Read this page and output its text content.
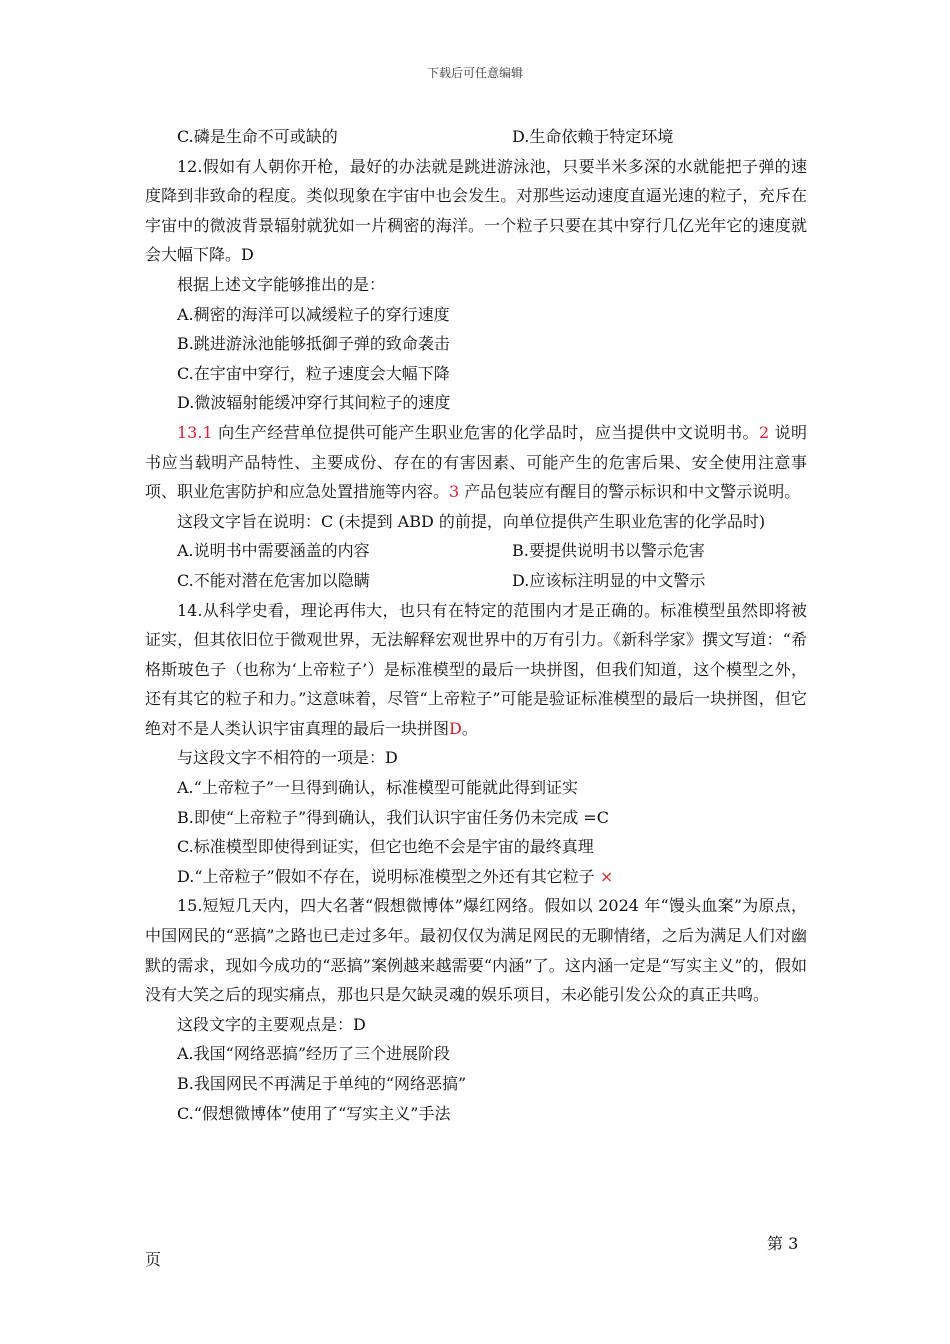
下载后可任意编辑
C.磷是生命不可或缺的	D.生命依赖于特定环境

12.假如有人朝你开枪，最好的办法就是跳进游泳池，只要半米多深的水就能把子弹的速度降到非致命的程度。类似现象在宇宙中也会发生。对那些运动速度直逼光速的粒子，充斥在宇宙中的微波背景辐射就犹如一片稠密的海洋。一个粒子只要在其中穿行几亿光年它的速度就会大幅下降。D

根据上述文字能够推出的是：

A.稠密的海洋可以减缓粒子的穿行速度

B.跳进游泳池能够抵御子弹的致命袭击

C.在宇宙中穿行，粒子速度会大幅下降

D.微波辐射能缓冲穿行其间粒子的速度

13.1 向生产经营单位提供可能产生职业危害的化学品时，应当提供中文说明书。2 说明书应当载明产品特性、主要成份、存在的有害因素、可能产生的危害后果、安全使用注意事项、职业危害防护和应急处置措施等内容。3 产品包装应有醒目的警示标识和中文警示说明。

这段文字旨在说明：C (未提到 ABD 的前提，向单位提供产生职业危害的化学品时)

A.说明书中需要涵盖的内容	B.要提供说明书以警示危害
C.不能对潜在危害加以隐瞒	D.应该标注明显的中文警示

14.从科学史看，理论再伟大，也只有在特定的范围内才是正确的。标准模型虽然即将被证实，但其依旧位于微观世界，无法解释宏观世界中的万有引力。《新科学家》撰文写道：“希格斯玻色子（也称为‘上帝粒子’）是标准模型的最后一块拼图，但我们知道，这个模型之外，还有其它的粒子和力。”这意味着，尽管“上帝粒子”可能是验证标准模型的最后一块拼图，但它绝对不是人类认识宇宙真理的最后一块拼图D。

与这段文字不相符的一项是：D

A.“上帝粒子”一旦得到确认，标准模型可能就此得到证实

B.即使“上帝粒子”得到确认，我们认识宇宙任务仍未完成 =C

C.标准模型即使得到证实，但它也绝不会是宇宙的最终真理

D.“上帝粒子”假如不存在，说明标准模型之外还有其它粒子 ×

15.短短几天内，四大名著“假想微博体”爆红网络。假如以 2024 年“馒头血案”为原点，中国网民的“恶搞”之路也已走过多年。最初仅仅为满足网民的无聊情绪，之后为满足人们对幽默的需求，现如今成功的“恶搞”案例越来越需要“内涵”了。这内涵一定是“写实主义”的，假如没有大笑之后的现实痛点，那也只是欠缺灵魂的娱乐项目，未必能引发公众的真正共鸣。

这段文字的主要观点是：D

A.我国“网络恶搞”经历了三个进展阶段

B.我国网民不再满足于单纯的“网络恶搞”

C.“假想微博体”使用了“写实主义”手法

第 3
页
